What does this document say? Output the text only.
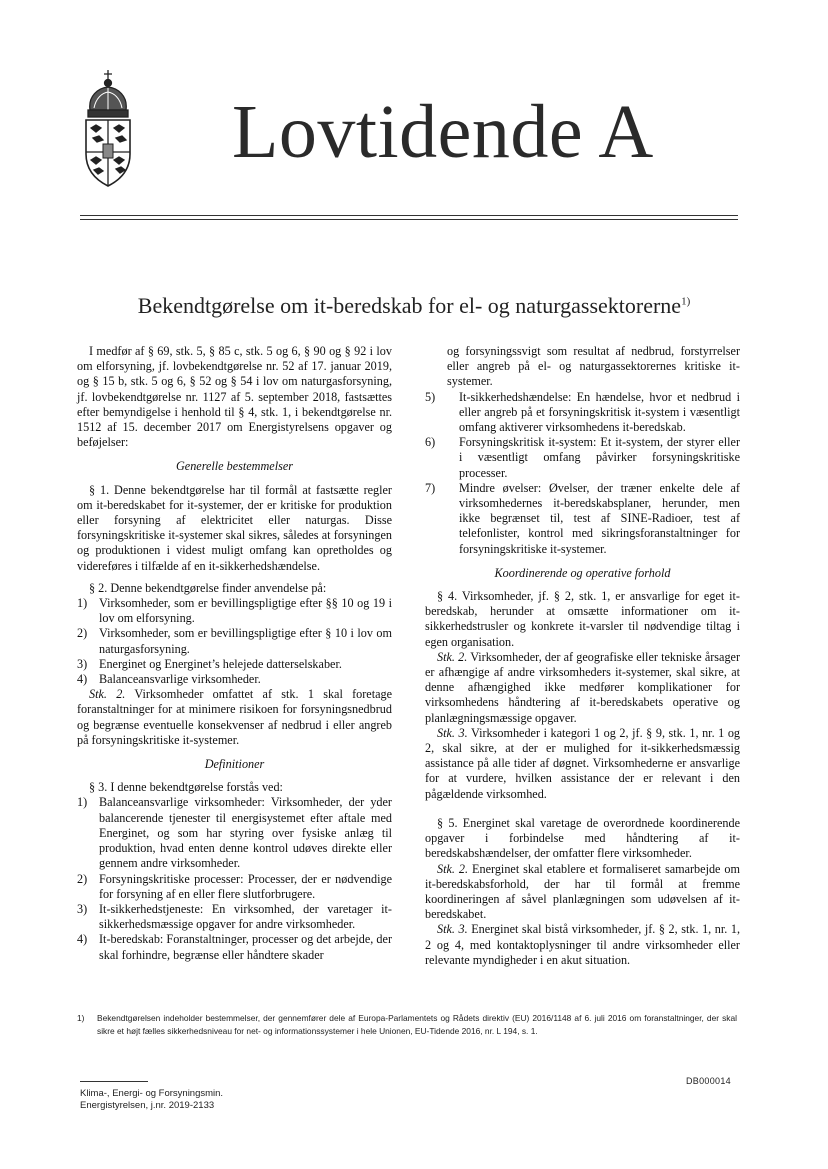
Lovtidende A
Bekendtgørelse om it-beredskab for el- og naturgassektorerne$^{1)}$

I medfør af § 69, stk. 5, § 85 c, stk. 5 og 6, § 90 og § 92 i lov om elforsyning, jf. lovbekendtgørelse nr. 52 af 17. januar 2019, og § 15 b, stk. 5 og 6, § 52 og § 54 i lov om naturgasforsyning, jf. lovbekendtgørelse nr. 1127 af 5. september 2018, fastsættes efter bemyndigelse i henhold til § 4, stk. 1, i bekendtgørelse nr. 1512 af 15. december 2017 om Energistyrelsens opgaver og beføjelser:

Generelle bestemmelser

§ 1. Denne bekendtgørelse har til formål at fastsætte regler om it-beredskabet for it-systemer, der er kritiske for produktion eller forsyning af elektricitet eller naturgas. Disse forsyningskritiske it-systemer skal sikres, således at forsyningen og produktionen i videst muligt omfang kan opretholdes og videreføres i tilfælde af en it-sikkerhedshændelse.

§ 2. Denne bekendtgørelse finder anvendelse på:

1) Virksomheder, som er bevillingspligtige efter §§ 10 og 19 i lov om elforsyning.
2) Virksomheder, som er bevillingspligtige efter § 10 i lov om naturgasforsyning.
3) Energinet og Energinet’s helejede datterselskaber.
4) Balanceansvarlige virksomheder.

Stk. 2. Virksomheder omfattet af stk. 1 skal foretage foranstaltninger for at minimere risikoen for forsyningsnedbrud og begrænse eventuelle konsekvenser af nedbrud i eller angreb på forsyningskritiske it-systemer.

Definitioner

§ 3. I denne bekendtgørelse forstås ved:

1) Balanceansvarlige virksomheder: Virksomheder, der yder balancerende tjenester til energisystemet efter aftale med Energinet, og som har styring over fysiske anlæg til produktion, hvad enten denne kontrol udøves direkte eller gennem andre virksomheder.
2) Forsyningskritiske processer: Processer, der er nødvendige for forsyning af en eller flere slutforbrugere.
3) It-sikkerhedstjeneste: En virksomhed, der varetager it-sikkerhedsmæssige opgaver for andre virksomheder.
4) It-beredskab: Foranstaltninger, processer og det arbejde, der skal forhindre, begrænse eller håndtere skader

og forsyningssvigt som resultat af nedbrud, forstyrrelser eller angreb på el- og naturgassektorernes kritiske it-systemer.

5)	It-sikkerhedshændelse: En hændelse, hvor et nedbrud i eller angreb på et forsyningskritisk it-system i væsentligt omfang aktiverer virksomhedens it-beredskab.
6)	Forsyningskritisk it-system: Et it-system, der styrer eller i væsentligt omfang påvirker forsyningskritiske processer.
7)	Mindre øvelser: Øvelser, der træner enkelte dele af virksomhedernes it-beredskabsplaner, herunder, men ikke begrænset til, test af SINE-Radioer, test af telefonlister, kontrol med sikringsforanstaltninger for forsyningskritiske it-systemer.
Koordinerende og operative forhold

§ 4. Virksomheder, jf. § 2, stk. 1, er ansvarlige for eget it-beredskab, herunder at omsætte informationer om it-sikkerhedstrusler og konkrete it-varsler til nødvendige tiltag i egen organisation.

Stk. 2. Virksomheder, der af geografiske eller tekniske årsager er afhængige af andre virksomheders it-systemer, skal sikre, at denne afhængighed ikke medfører komplikationer for virksomhedens håndtering af it-beredskabets operative og planlægningsmæssige opgaver.

Stk. 3. Virksomheder i kategori 1 og 2, jf. § 9, stk. 1, nr. 1 og 2, skal sikre, at der er mulighed for it-sikkerhedsmæssig assistance på alle tider af døgnet. Virksomhederne er ansvarlige for at vurdere, hvilken assistance der er relevant i den pågældende virksomhed.

§ 5. Energinet skal varetage de overordnede koordinerende opgaver i forbindelse med håndtering af it-beredskabshændelser, der omfatter flere virksomheder.

Stk. 2. Energinet skal etablere et formaliseret samarbejde om it-beredskabsforhold, der har til formål at fremme koordineringen af såvel planlægningen som udøvelsen af it-beredskabet.

Stk. 3. Energinet skal bistå virksomheder, jf. § 2, stk. 1, nr. 1, 2 og 4, med kontaktoplysninger til andre virksomheder eller relevante myndigheder i en akut situation.

1)	Bekendtgørelsen indeholder bestemmelser, der gennemfører dele af Europa-Parlamentets og Rådets direktiv (EU) 2016/1148 af 6. juli 2016 om foranstaltninger, der skal sikre et højt fælles sikkerhedsniveau for net- og informationssystemer i hele Unionen, EU-Tidende 2016, nr. L 194, s. 1.
DB000014
Klima-, Energi- og Forsyningsmin.
Energistyrelsen, j.nr. 2019-2133
